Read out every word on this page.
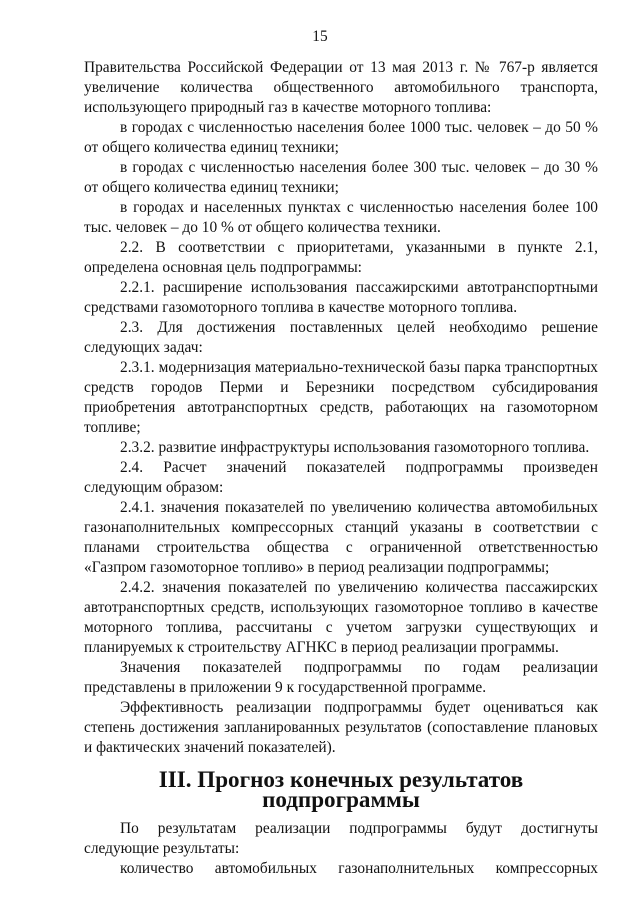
15

Правительства Российской Федерации от 13 мая 2013 г. № 767-р является увеличение количества общественного автомобильного транспорта, использующего природный газ в качестве моторного топлива:

в городах с численностью населения более 1000 тыс. человек – до 50 % от общего количества единиц техники;

в городах с численностью населения более 300 тыс. человек – до 30 % от общего количества единиц техники;

в городах и населенных пунктах с численностью населения более 100 тыс. человек – до 10 % от общего количества техники.

2.2. В соответствии с приоритетами, указанными в пункте 2.1, определена основная цель подпрограммы:

2.2.1. расширение использования пассажирскими автотранспортными средствами газомоторного топлива в качестве моторного топлива.

2.3. Для достижения поставленных целей необходимо решение следующих задач:

2.3.1. модернизация материально-технической базы парка транспортных средств городов Перми и Березники посредством субсидирования приобретения автотранспортных средств, работающих на газомоторном топливе;

2.3.2. развитие инфраструктуры использования газомоторного топлива.

2.4. Расчет значений показателей подпрограммы произведен следующим образом:

2.4.1. значения показателей по увеличению количества автомобильных газонаполнительных компрессорных станций указаны в соответствии с планами строительства общества с ограниченной ответственностью «Газпром газомоторное топливо» в период реализации подпрограммы;

2.4.2. значения показателей по увеличению количества пассажирских автотранспортных средств, использующих газомоторное топливо в качестве моторного топлива, рассчитаны с учетом загрузки существующих и планируемых к строительству АГНКС в период реализации программы.

Значения показателей подпрограммы по годам реализации представлены в приложении 9 к государственной программе.

Эффективность реализации подпрограммы будет оцениваться как степень достижения запланированных результатов (сопоставление плановых и фактических значений показателей).

III. Прогноз конечных результатов подпрограммы

По результатам реализации подпрограммы будут достигнуты следующие результаты:

количество автомобильных газонаполнительных компрессорных
